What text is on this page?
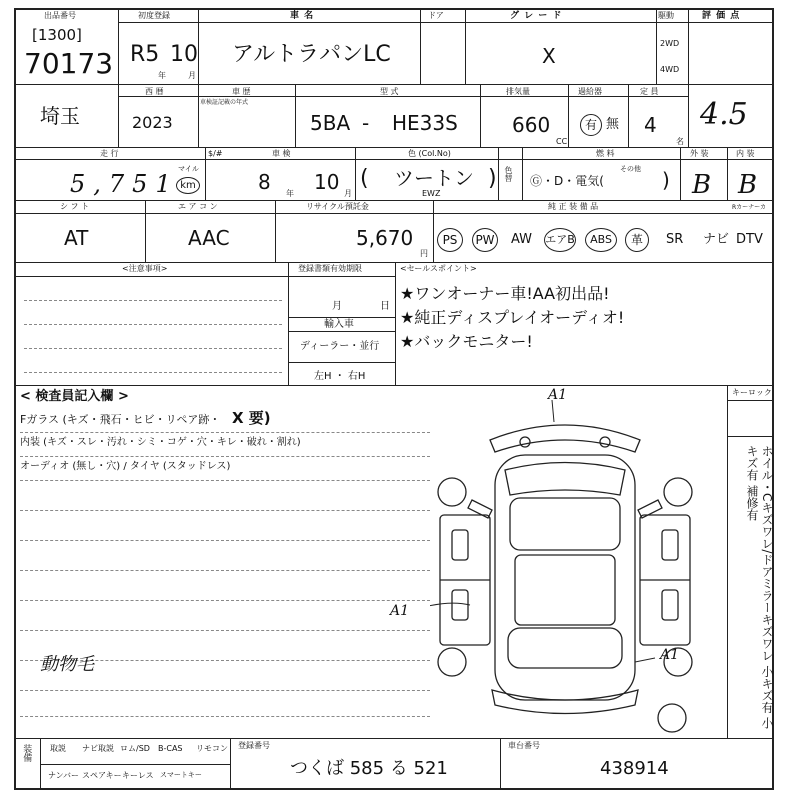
出品番号
[1300]
70173
初度登録
R5 10
年	月
車 名
アルトラパンLC
ドア	グ レ ー ド
X
駆動
2WD
4WD
評 価 点
4.5
埼玉
西 暦
2023
車 歴
車検証記載の年式
型 式
5BA - HE33S
排気量
660
CC
過給器
有 無
定 員
4
名
走 行
5,751
マイル
km
$/#	車 検
8 年 10 月
色 (Col.No)
ツートン
EWZ
(	) 色替
燃 料
Ⓖ・D・電気(
その他 )
外 装
B
内 装
B
シ フ ト
AT
エ ア コ ン
AAC
リサイクル預託金
5,670
円
純 正 装 備 品	Rカーナーカ
PS	PW AW エアB	ABS	革	SR ナビ DTV
<注意事項>	登録書類有効期限
月	日
輸入車
ディーラー・並行
左H ・ 右H
<セールスポイント>
★ワンオーナー車!AA初出品!
★純正ディスプレイオーディオ!
★バックモニター!
< 検査員記入欄 >
Fガラス (キズ・飛石・ヒビ・リペア跡・ X 要)
内装 (キズ・スレ・汚れ・シミ・コゲ・穴・キレ・破れ・割れ)
オーディオ (無し・穴) / タイヤ (スタッドレス)
動物毛
キーロック
ホイル・Cキズワレ/ドアミラーキズワレ 小キズ有 小キズ有 補修有
A1
A1
A1
装備 取説 ナビ取説 ロム/SD B-CAS リモコン
ナンバー スペアキー キーレス スマートキー
登録番号
つくば 585 る 521
車台番号
438914
